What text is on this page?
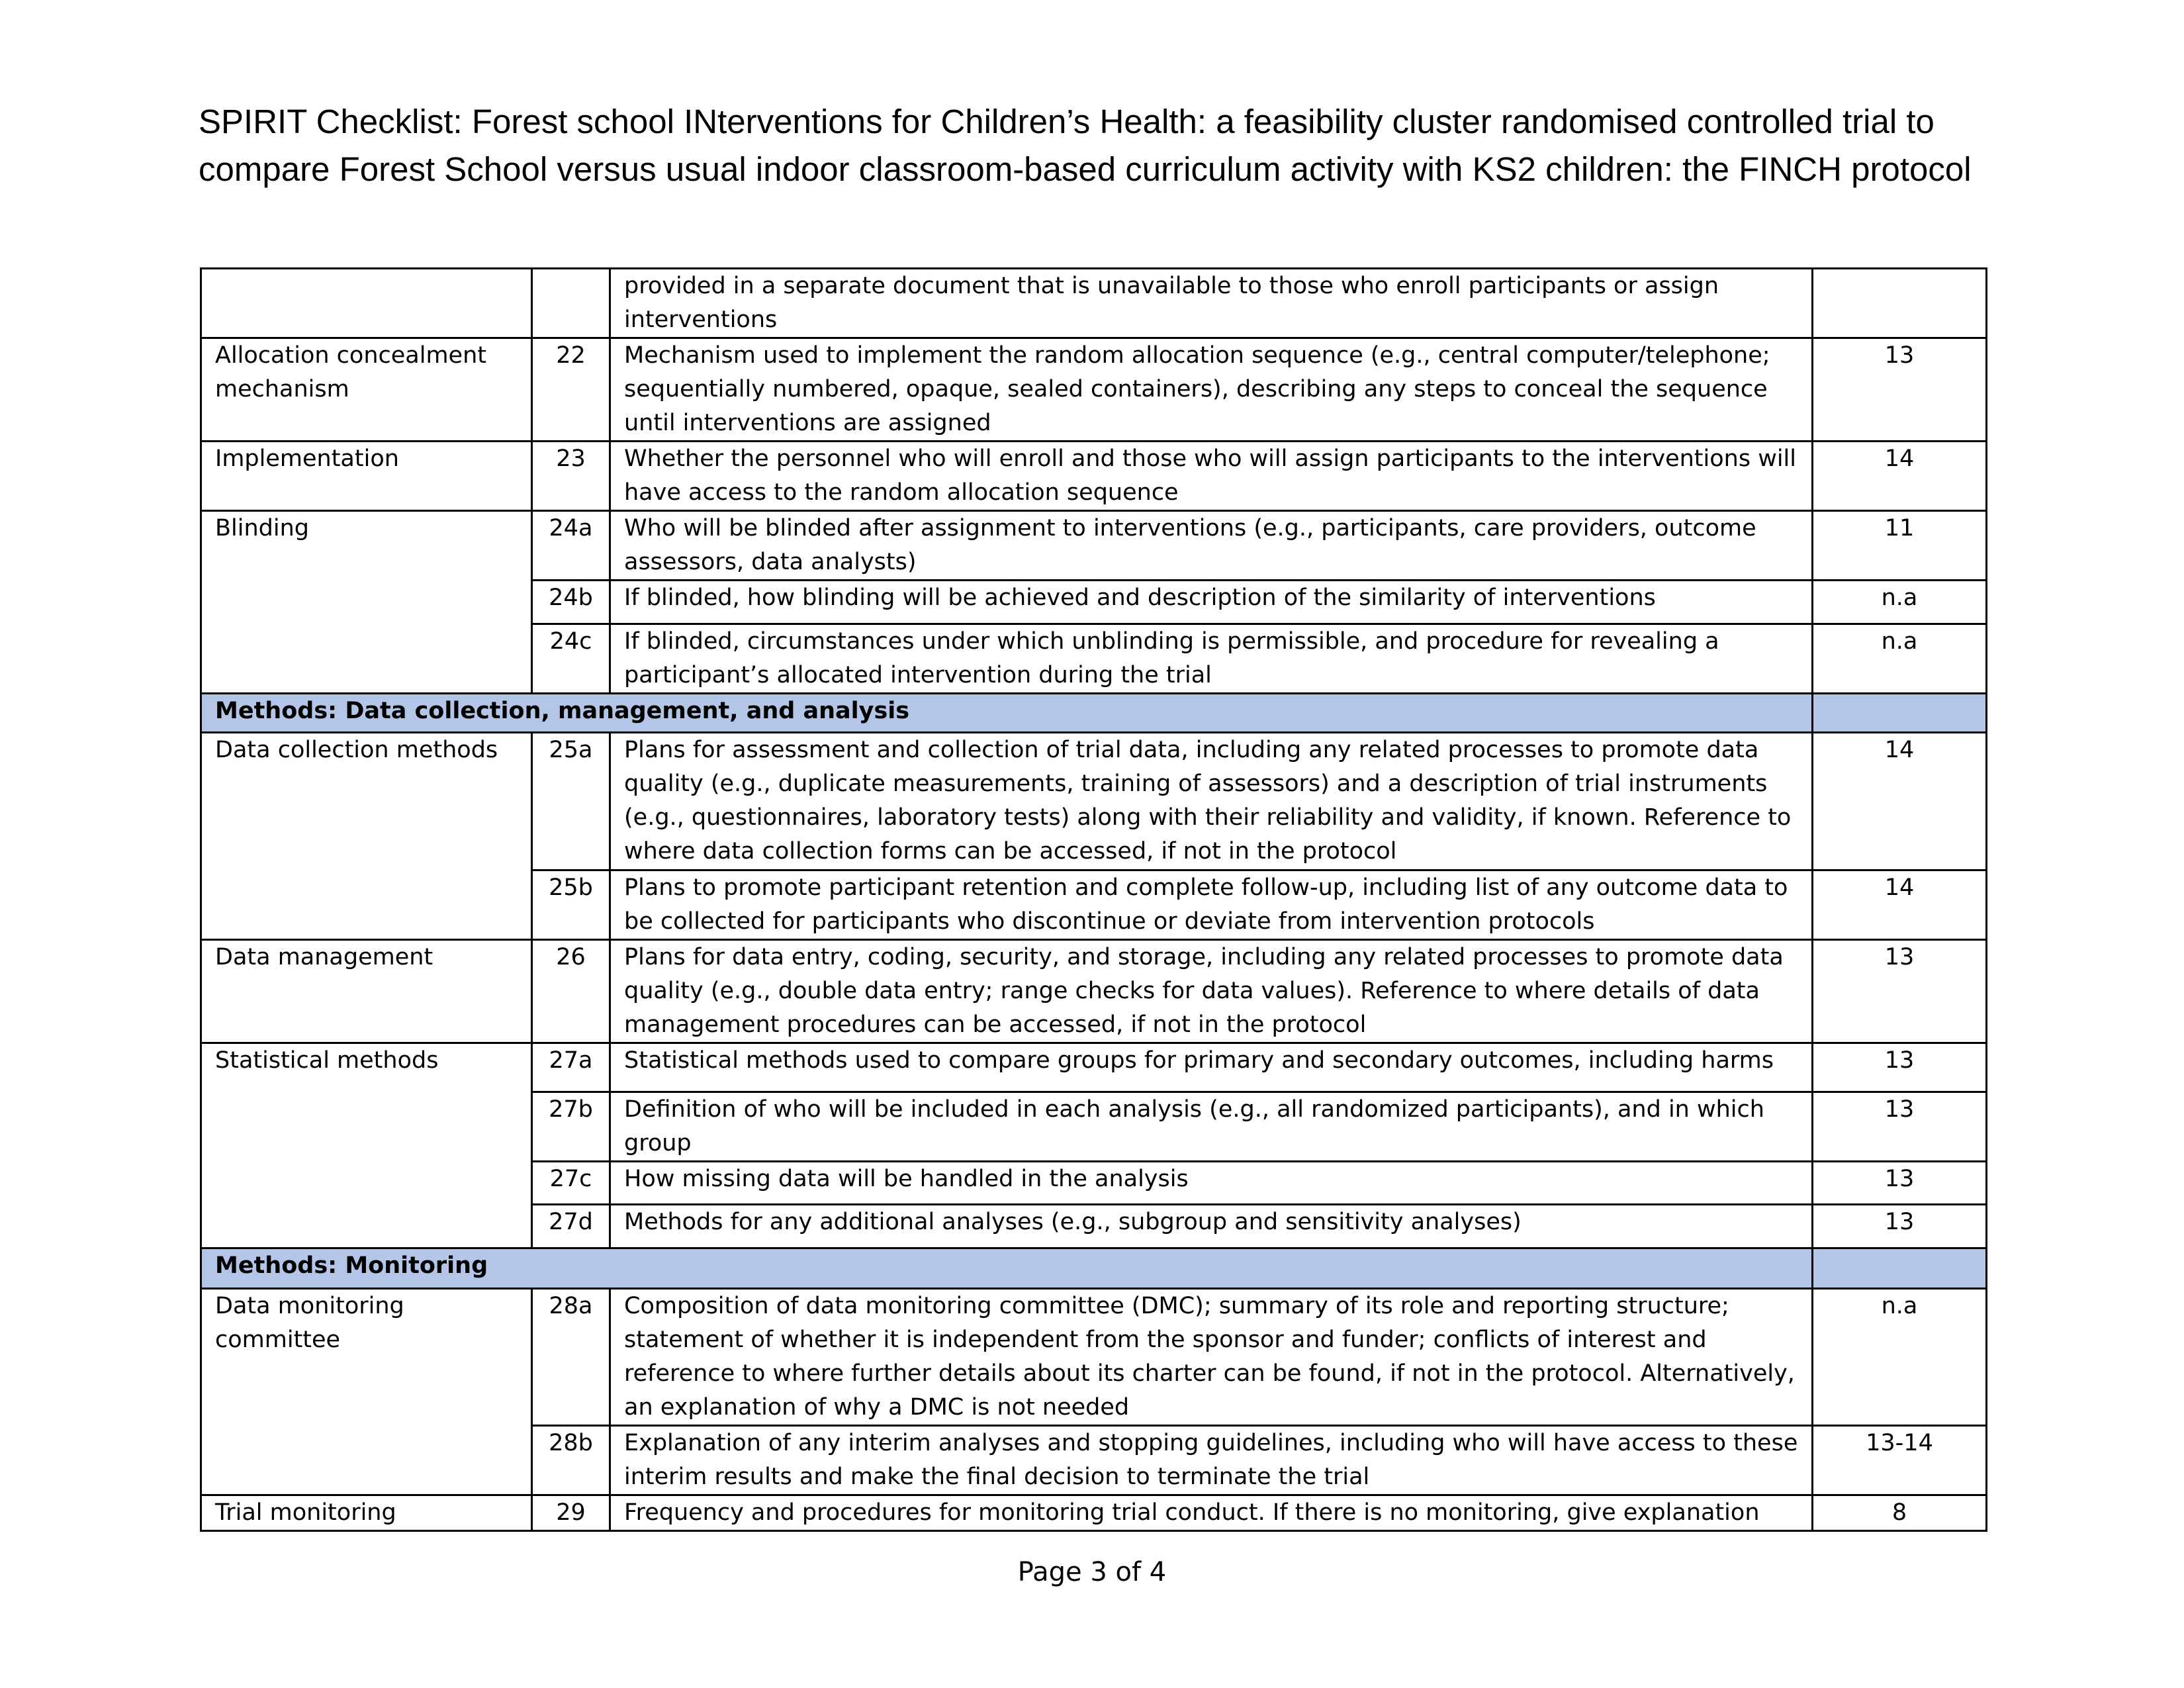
SPIRIT Checklist: Forest school INterventions for Children’s Health: a feasibility cluster randomised controlled trial to compare Forest School versus usual indoor classroom-based curriculum activity with KS2 children: the FINCH protocol
		provided in a separate document that is unavailable to those who enroll participants or assign interventions	
Allocation concealment mechanism	22	Mechanism used to implement the random allocation sequence (e.g., central computer/telephone; sequentially numbered, opaque, sealed containers), describing any steps to conceal the sequence until interventions are assigned	13
Implementation	23	Whether the personnel who will enroll and those who will assign participants to the interventions will have access to the random allocation sequence	14
Blinding	24a	Who will be blinded after assignment to interventions (e.g., participants, care providers, outcome assessors, data analysts)	11
	24b	If blinded, how blinding will be achieved and description of the similarity of interventions	n.a
	24c	If blinded, circumstances under which unblinding is permissible, and procedure for revealing a participant’s allocated intervention during the trial	n.a
Methods: Data collection, management, and analysis			
Data collection methods	25a	Plans for assessment and collection of trial data, including any related processes to promote data quality (e.g., duplicate measurements, training of assessors) and a description of trial instruments (e.g., questionnaires, laboratory tests) along with their reliability and validity, if known. Reference to where data collection forms can be accessed, if not in the protocol	14
	25b	Plans to promote participant retention and complete follow-up, including list of any outcome data to be collected for participants who discontinue or deviate from intervention protocols	14
Data management	26	Plans for data entry, coding, security, and storage, including any related processes to promote data quality (e.g., double data entry; range checks for data values). Reference to where details of data management procedures can be accessed, if not in the protocol	13
Statistical methods	27a	Statistical methods used to compare groups for primary and secondary outcomes, including harms	13
	27b	Definition of who will be included in each analysis (e.g., all randomized participants), and in which group	13
	27c	How missing data will be handled in the analysis	13
	27d	Methods for any additional analyses (e.g., subgroup and sensitivity analyses)	13
Methods: Monitoring			
Data monitoring committee	28a	Composition of data monitoring committee (DMC); summary of its role and reporting structure; statement of whether it is independent from the sponsor and funder; conflicts of interest and reference to where further details about its charter can be found, if not in the protocol. Alternatively, an explanation of why a DMC is not needed	n.a
	28b	Explanation of any interim analyses and stopping guidelines, including who will have access to these interim results and make the final decision to terminate the trial	13-14
Trial monitoring	29	Frequency and procedures for monitoring trial conduct. If there is no monitoring, give explanation	8
Page 3 of 4
